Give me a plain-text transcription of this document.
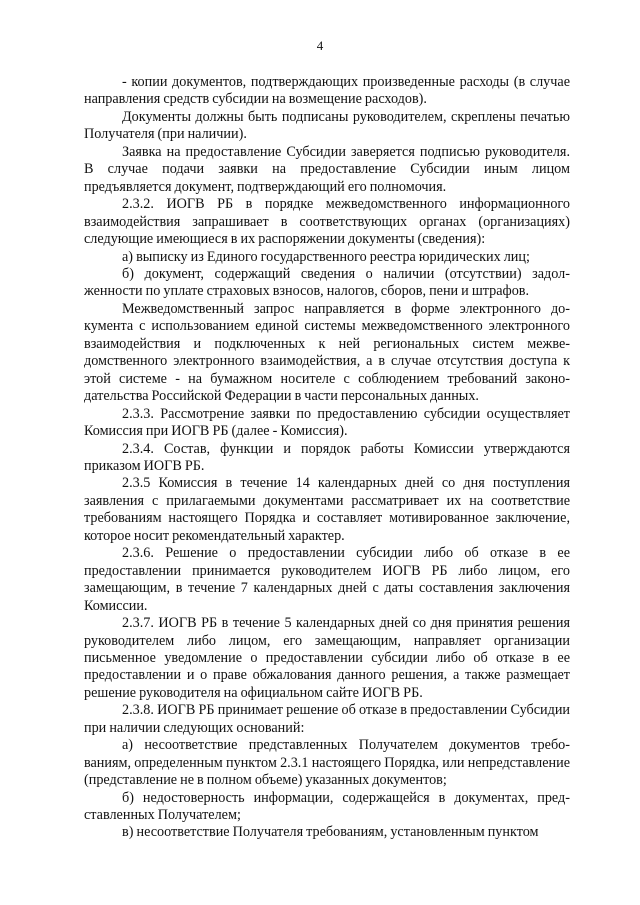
4

- копии документов, подтверждающих произведенные расходы (в случае направления средств субсидии на возмещение расходов).

Документы должны быть подписаны руководителем, скреплены печатью Получателя (при наличии).

Заявка на предоставление Субсидии заверяется подписью руководителя. В случае подачи заявки на предоставление Субсидии иным лицом предъявляется документ, подтверждающий его полномочия.

2.3.2. ИОГВ РБ в порядке межведомственного информационного взаимодействия запрашивает в соответствующих органах (организациях) следующие имеющиеся в их распоряжении документы (сведения):

а) выписку из Единого государственного реестра юридических лиц;

б) документ, содержащий сведения о наличии (отсутствии) задолженности по уплате страховых взносов, налогов, сборов, пени и штрафов.

Межведомственный запрос направляется в форме электронного документа с использованием единой системы межведомственного электронного взаимодействия и подключенных к ней региональных систем межведомственного электронного взаимодействия, а в случае отсутствия доступа к этой системе - на бумажном носителе с соблюдением требований законодательства Российской Федерации в части персональных данных.

2.3.3. Рассмотрение заявки по предоставлению субсидии осуществляет Комиссия при ИОГВ РБ (далее - Комиссия).

2.3.4. Состав, функции и порядок работы Комиссии утверждаются приказом ИОГВ РБ.

2.3.5 Комиссия в течение 14 календарных дней со дня поступления заявления с прилагаемыми документами рассматривает их на соответствие требованиям настоящего Порядка и составляет мотивированное заключение, которое носит рекомендательный характер.

2.3.6. Решение о предоставлении субсидии либо об отказе в ее предоставлении принимается руководителем ИОГВ РБ либо лицом, его замещающим, в течение 7 календарных дней с даты составления заключения Комиссии.

2.3.7. ИОГВ РБ в течение 5 календарных дней со дня принятия решения руководителем либо лицом, его замещающим, направляет организации письменное уведомление о предоставлении субсидии либо об отказе в ее предоставлении и о праве обжалования данного решения, а также размещает решение руководителя на официальном сайте ИОГВ РБ.

2.3.8. ИОГВ РБ принимает решение об отказе в предоставлении Субсидии при наличии следующих оснований:

а) несоответствие представленных Получателем документов требованиям, определенным пунктом 2.3.1 настоящего Порядка, или непредставление (представление не в полном объеме) указанных документов;

б) недостоверность информации, содержащейся в документах, представленных Получателем;

в) несоответствие Получателя требованиям, установленным пунктом
